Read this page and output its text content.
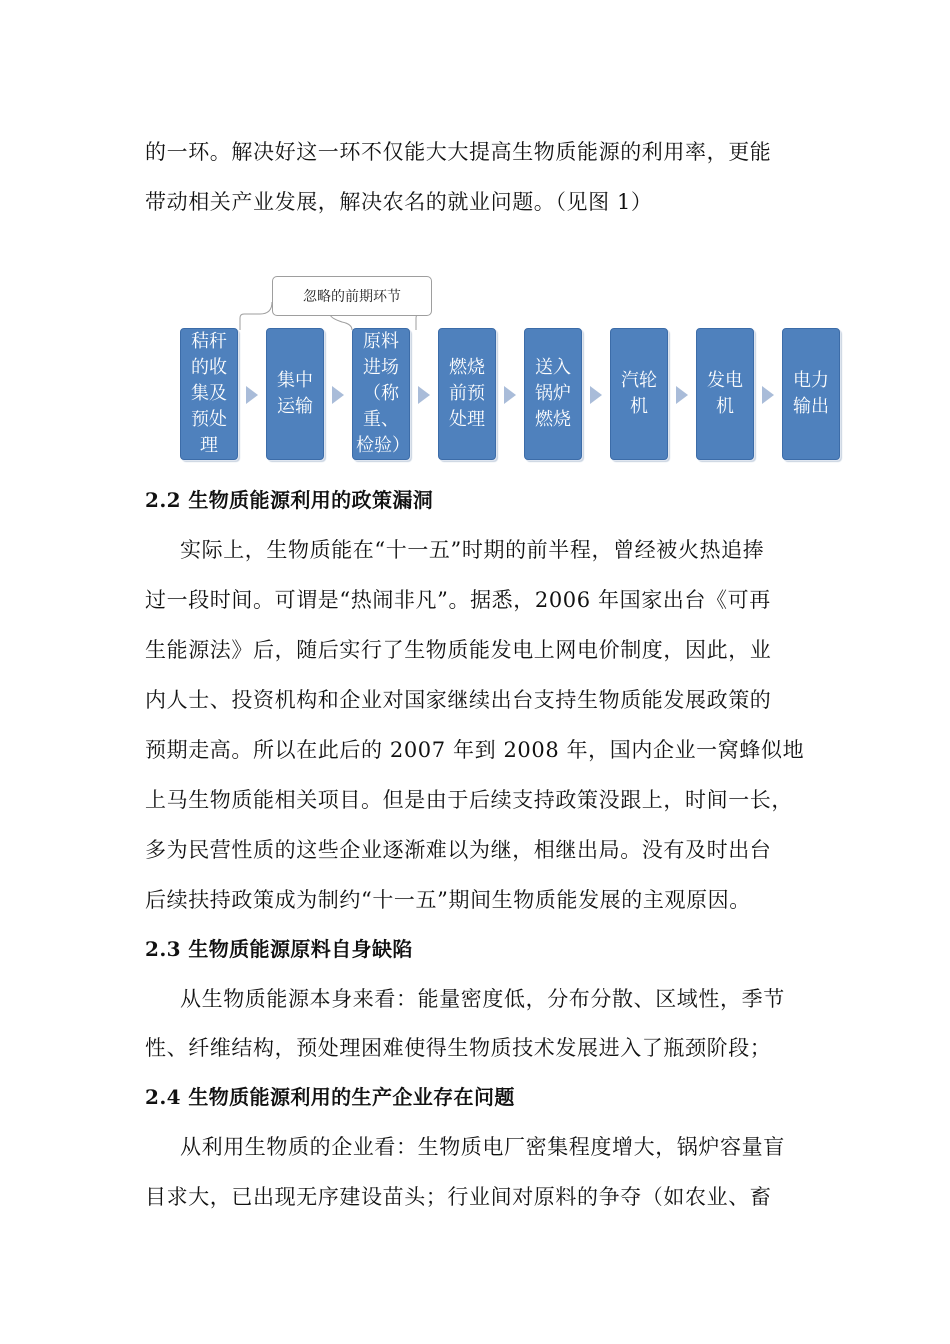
的一环。解决好这一环不仅能大大提高生物质能源的利用率，更能
带动相关产业发展，解决农名的就业问题。（见图 1）
忽略的前期环节
秸秆的收集及预处理
集中运输
原料进场（称重、检验）
燃烧前预处理
送入锅炉燃烧
汽轮机
发电机
电力输出
2.2 生物质能源利用的政策漏洞
实际上，生物质能在“十一五”时期的前半程，曾经被火热追捧
过一段时间。可谓是“热闹非凡”。据悉，2006 年国家出台《可再
生能源法》后，随后实行了生物质能发电上网电价制度，因此，业
内人士、投资机构和企业对国家继续出台支持生物质能发展政策的
预期走高。所以在此后的 2007 年到 2008 年，国内企业一窝蜂似地
上马生物质能相关项目。但是由于后续支持政策没跟上，时间一长，
多为民营性质的这些企业逐渐难以为继，相继出局。没有及时出台
后续扶持政策成为制约“十一五”期间生物质能发展的主观原因。
2.3 生物质能源原料自身缺陷
从生物质能源本身来看：能量密度低，分布分散、区域性，季节
性、纤维结构，预处理困难使得生物质技术发展进入了瓶颈阶段；
2.4 生物质能源利用的生产企业存在问题
从利用生物质的企业看：生物质电厂密集程度增大，锅炉容量盲
目求大，已出现无序建设苗头；行业间对原料的争夺（如农业、畜
